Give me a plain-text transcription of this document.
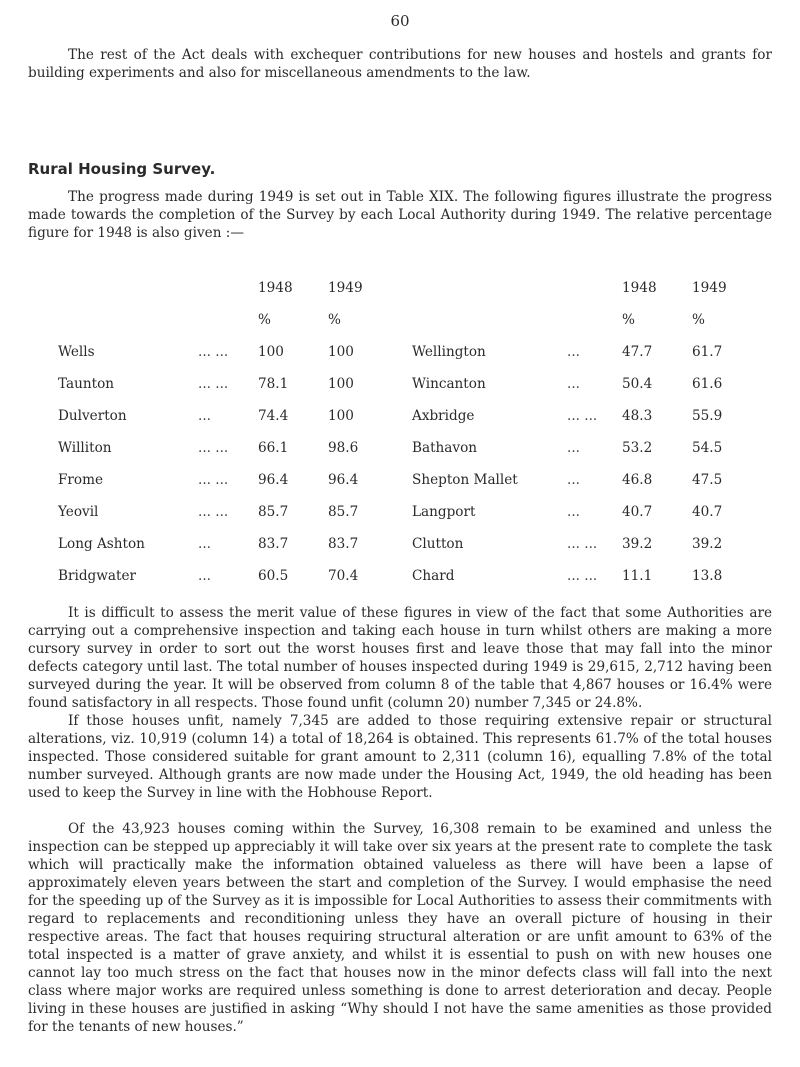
60

The rest of the Act deals with exchequer contributions for new houses and hostels and grants for building experiments and also for miscellaneous amendments to the law.

Rural Housing Survey.

The progress made during 1949 is set out in Table XIX. The following figures illustrate the progress made towards the completion of the Survey by each Local Authority during 1949. The relative percentage figure for 1948 is also given :—

		1948	1949
		%	%
Wells	... ...	100	100
Taunton	... ...	78.1	100
Dulverton	...	74.4	100
Williton	... ...	66.1	98.6
Frome	... ...	96.4	96.4
Yeovil	... ...	85.7	85.7
Long Ashton	...	83.7	83.7
Bridgwater	...	60.5	70.4
		1948	1949
		%	%
Wellington	...	47.7	61.7
Wincanton	...	50.4	61.6
Axbridge	... ...	48.3	55.9
Bathavon	...	53.2	54.5
Shepton Mallet	...	46.8	47.5
Langport	...	40.7	40.7
Clutton	... ...	39.2	39.2
Chard	... ...	11.1	13.8

It is difficult to assess the merit value of these figures in view of the fact that some Authorities are carrying out a comprehensive inspection and taking each house in turn whilst others are making a more cursory survey in order to sort out the worst houses first and leave those that may fall into the minor defects category until last. The total number of houses inspected during 1949 is 29,615, 2,712 having been surveyed during the year. It will be observed from column 8 of the table that 4,867 houses or 16.4% were found satisfactory in all respects. Those found unfit (column 20) number 7,345 or 24.8%.

If those houses unfit, namely 7,345 are added to those requiring extensive repair or structural alterations, viz. 10,919 (column 14) a total of 18,264 is obtained. This represents 61.7% of the total houses inspected. Those considered suitable for grant amount to 2,311 (column 16), equalling 7.8% of the total number surveyed. Although grants are now made under the Housing Act, 1949, the old heading has been used to keep the Survey in line with the Hobhouse Report.

Of the 43,923 houses coming within the Survey, 16,308 remain to be examined and unless the inspection can be stepped up appreciably it will take over six years at the present rate to complete the task which will practically make the information obtained valueless as there will have been a lapse of approximately eleven years between the start and completion of the Survey. I would emphasise the need for the speeding up of the Survey as it is impossible for Local Authorities to assess their commitments with regard to replacements and reconditioning unless they have an overall picture of housing in their respective areas. The fact that houses requiring structural alteration or are unfit amount to 63% of the total inspected is a matter of grave anxiety, and whilst it is essential to push on with new houses one cannot lay too much stress on the fact that houses now in the minor defects class will fall into the next class where major works are required unless something is done to arrest deterioration and decay. People living in these houses are justified in asking “Why should I not have the same amenities as those provided for the tenants of new houses.”
